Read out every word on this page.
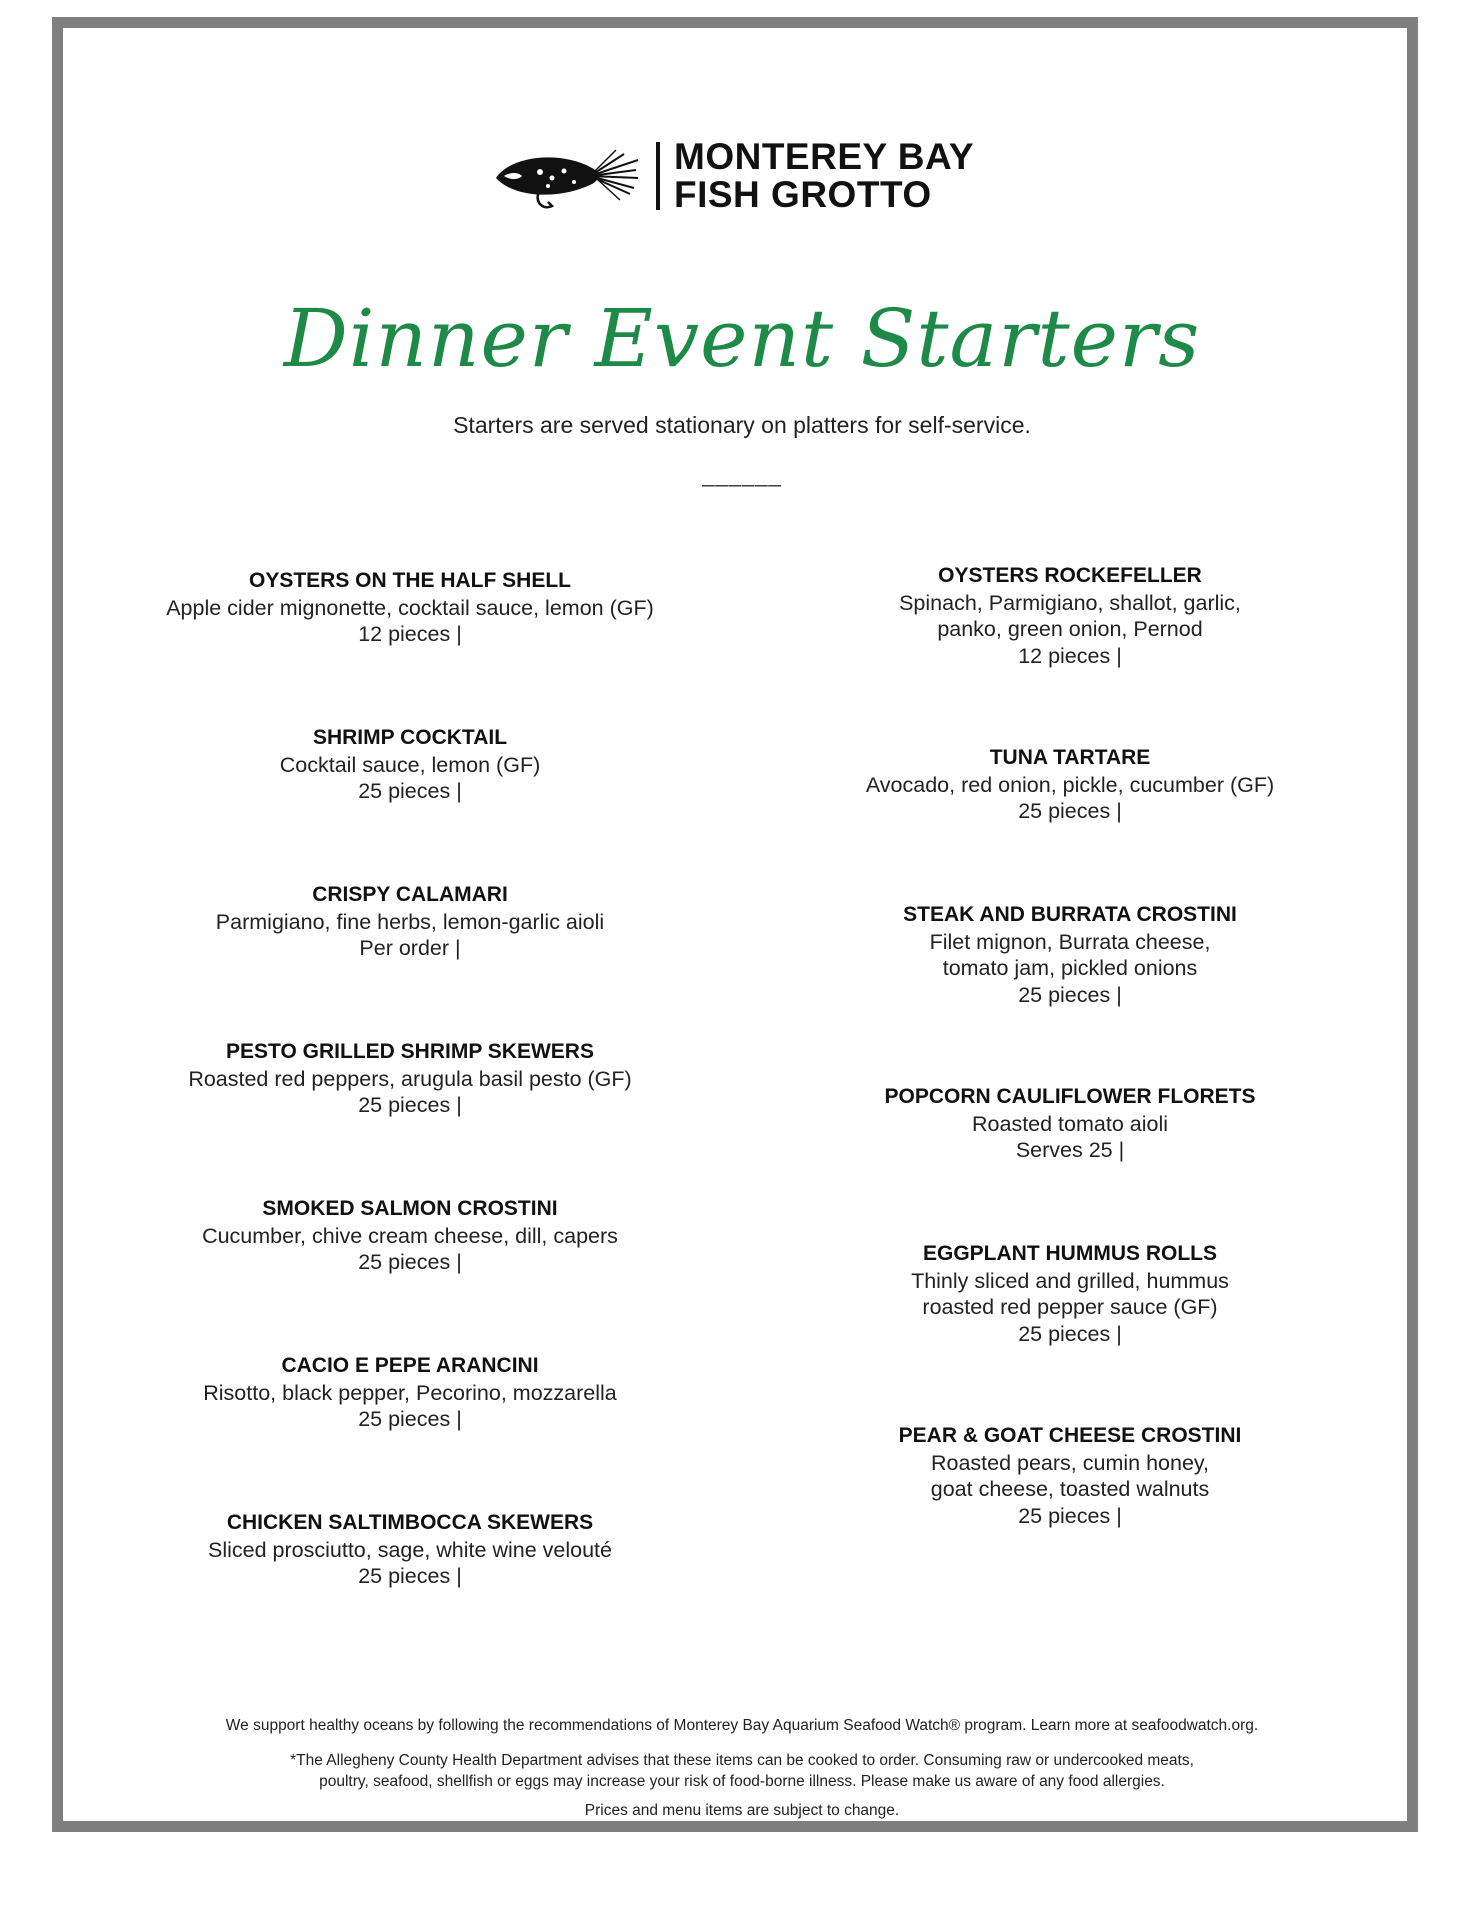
MONTEREY BAY
FISH GROTTO
Dinner Event Starters
Starters are served stationary on platters for self-service.
______
OYSTERS ON THE HALF SHELL
Apple cider mignonette, cocktail sauce, lemon (GF)
12 pieces |
SHRIMP COCKTAIL
Cocktail sauce, lemon (GF)
25 pieces |
CRISPY CALAMARI
Parmigiano, fine herbs, lemon-garlic aioli
Per order |
PESTO GRILLED SHRIMP SKEWERS
Roasted red peppers, arugula basil pesto (GF)
25 pieces |
SMOKED SALMON CROSTINI
Cucumber, chive cream cheese, dill, capers
25 pieces |
CACIO E PEPE ARANCINI
Risotto, black pepper, Pecorino, mozzarella
25 pieces |
CHICKEN SALTIMBOCCA SKEWERS
Sliced prosciutto, sage, white wine velouté
25 pieces |
OYSTERS ROCKEFELLER
Spinach, Parmigiano, shallot, garlic,
panko, green onion, Pernod
12 pieces |
TUNA TARTARE
Avocado, red onion, pickle, cucumber (GF)
25 pieces |
STEAK AND BURRATA CROSTINI
Filet mignon, Burrata cheese,
tomato jam, pickled onions
25 pieces |
POPCORN CAULIFLOWER FLORETS
Roasted tomato aioli
Serves 25 |
EGGPLANT HUMMUS ROLLS
Thinly sliced and grilled, hummus
roasted red pepper sauce (GF)
25 pieces |
PEAR & GOAT CHEESE CROSTINI
Roasted pears, cumin honey,
goat cheese, toasted walnuts
25 pieces |
We support healthy oceans by following the recommendations of Monterey Bay Aquarium Seafood Watch® program. Learn more at seafoodwatch.org.
*The Allegheny County Health Department advises that these items can be cooked to order. Consuming raw or undercooked meats,
poultry, seafood, shellfish or eggs may increase your risk of food-borne illness. Please make us aware of any food allergies.
Prices and menu items are subject to change.
